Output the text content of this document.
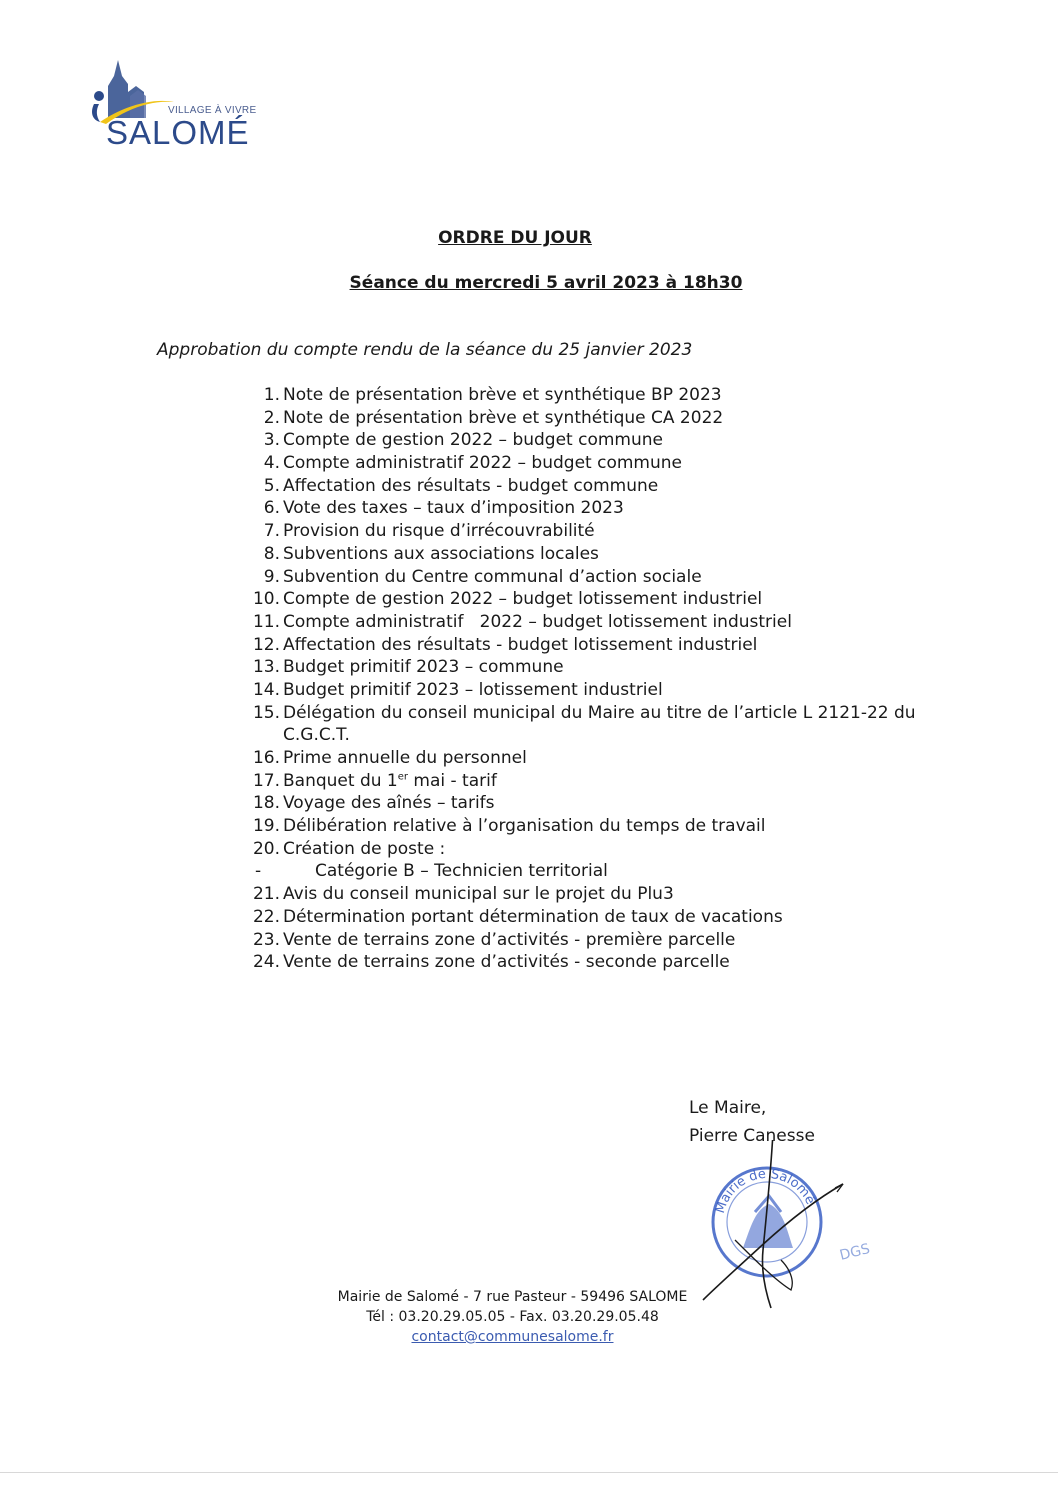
VILLAGE À VIVRE
SALOMÉ
ORDRE DU JOUR
Séance du mercredi 5 avril 2023 à 18h30
Approbation du compte rendu de la séance du 25 janvier 2023
1. Note de présentation brève et synthétique BP 2023
2. Note de présentation brève et synthétique CA 2022
3. Compte de gestion 2022 – budget commune
4. Compte administratif 2022 – budget commune
5. Affectation des résultats - budget commune
6. Vote des taxes – taux d’imposition 2023
7. Provision du risque d’irrécouvrabilité
8. Subventions aux associations locales
9. Subvention du Centre communal d’action sociale
10. Compte de gestion 2022 – budget lotissement industriel
11. Compte administratif   2022 – budget lotissement industriel
12. Affectation des résultats - budget lotissement industriel
13. Budget primitif 2023 – commune
14. Budget primitif 2023 – lotissement industriel
15. Délégation du conseil municipal du Maire au titre de l’article L 2121-22 du
C.G.C.T.
16. Prime annuelle du personnel
17. Banquet du 1er mai - tarif
18. Voyage des aînés – tarifs
19. Délibération relative à l’organisation du temps de travail
20. Création de poste :
-	Catégorie B – Technicien territorial
21. Avis du conseil municipal sur le projet du Plu3
22. Détermination portant détermination de taux de vacations
23. Vente de terrains zone d’activités - première parcelle
24. Vente de terrains zone d’activités - seconde parcelle
Le Maire,
Pierre Canesse
Mairie de Salomé
DGS
Mairie de Salomé - 7 rue Pasteur - 59496 SALOME
Tél : 03.20.29.05.05 - Fax. 03.20.29.05.48
contact@communesalome.fr
